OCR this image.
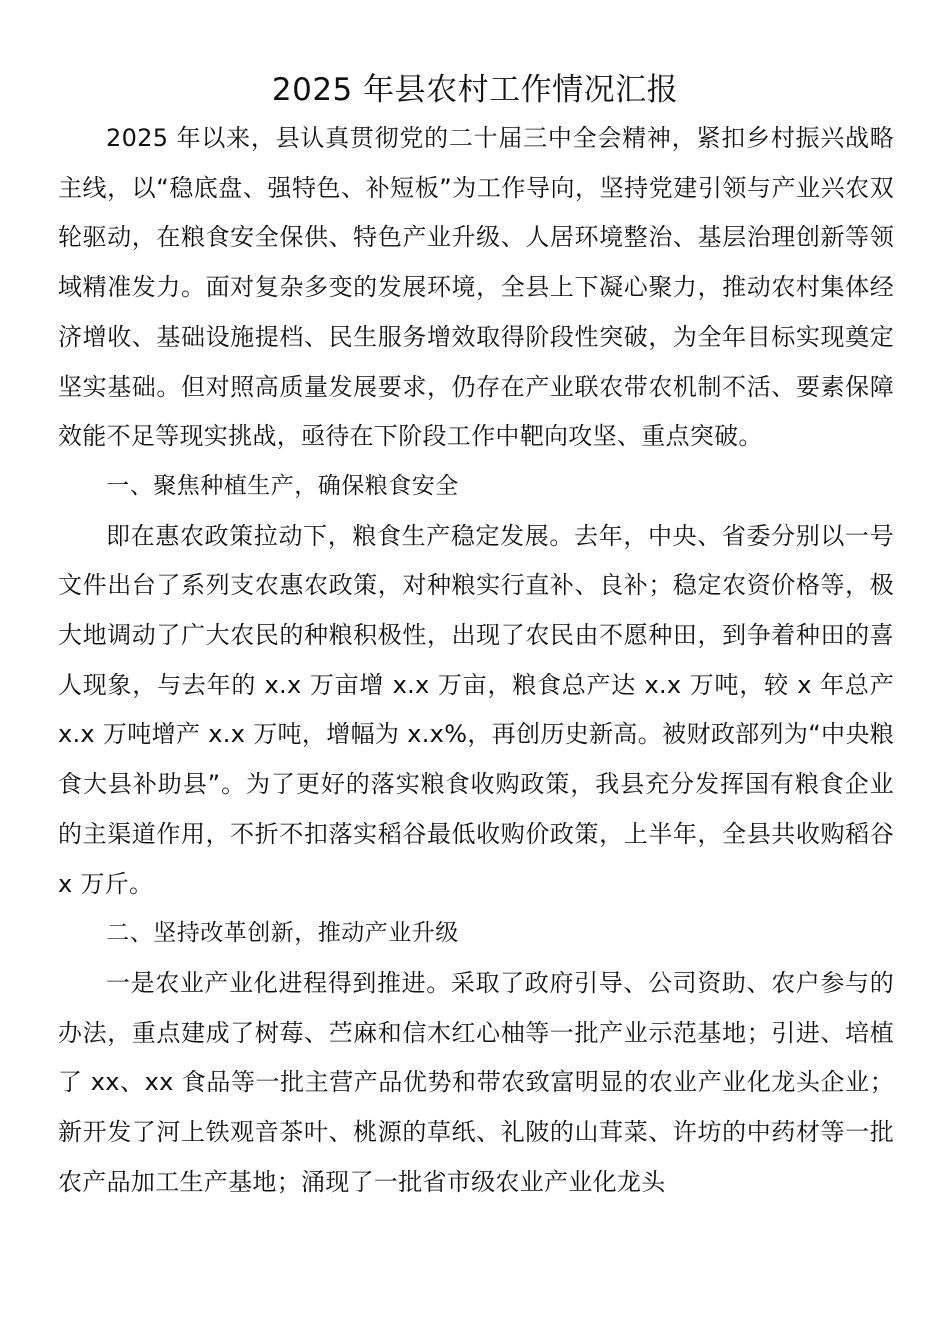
2025 年县农村工作情况汇报

2025 年以来，县认真贯彻党的二十届三中全会精神，紧扣乡村振兴战略主线，以“稳底盘、强特色、补短板”为工作导向，坚持党建引领与产业兴农双轮驱动，在粮食安全保供、特色产业升级、人居环境整治、基层治理创新等领域精准发力。面对复杂多变的发展环境，全县上下凝心聚力，推动农村集体经济增收、基础设施提档、民生服务增效取得阶段性突破，为全年目标实现奠定坚实基础。但对照高质量发展要求，仍存在产业联农带农机制不活、要素保障效能不足等现实挑战，亟待在下阶段工作中靶向攻坚、重点突破。

一、聚焦种植生产，确保粮食安全

即在惠农政策拉动下，粮食生产稳定发展。去年，中央、省委分别以一号文件出台了系列支农惠农政策，对种粮实行直补、良补；稳定农资价格等，极大地调动了广大农民的种粮积极性，出现了农民由不愿种田，到争着种田的喜人现象，与去年的 x.x 万亩增 x.x 万亩，粮食总产达 x.x 万吨，较 x 年总产 x.x 万吨增产 x.x 万吨，增幅为 x.x%，再创历史新高。被财政部列为“中央粮食大县补助县”。为了更好的落实粮食收购政策，我县充分发挥国有粮食企业的主渠道作用，不折不扣落实稻谷最低收购价政策，上半年，全县共收购稻谷 x 万斤。

二、坚持改革创新，推动产业升级

一是农业产业化进程得到推进。采取了政府引导、公司资助、农户参与的办法，重点建成了树莓、苎麻和信木红心柚等一批产业示范基地；引进、培植了 xx、xx 食品等一批主营产品优势和带农致富明显的农业产业化龙头企业；新开发了河上铁观音茶叶、桃源的草纸、礼陂的山茸菜、许坊的中药材等一批农产品加工生产基地；涌现了一批省市级农业产业化龙头
